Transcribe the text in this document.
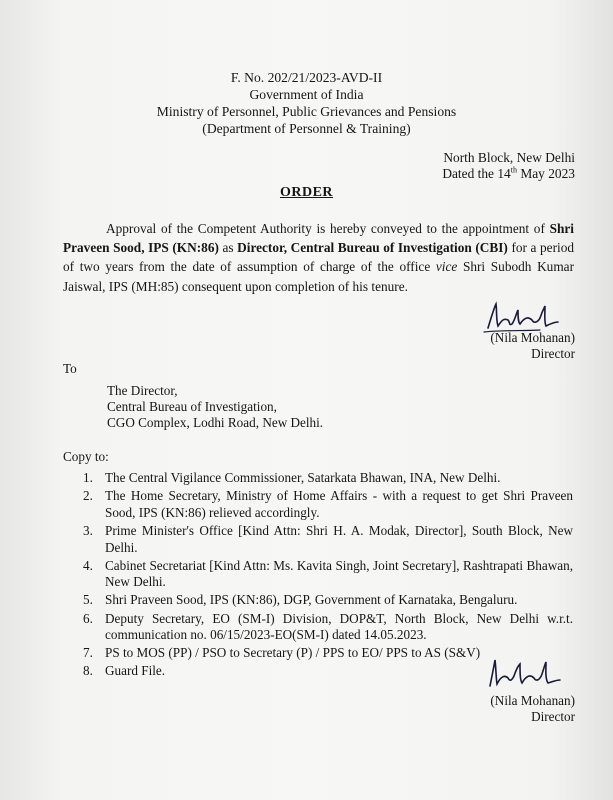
F. No. 202/21/2023-AVD-II
Government of India
Ministry of Personnel, Public Grievances and Pensions
(Department of Personnel & Training)
North Block, New Delhi
Dated the 14th May 2023
ORDER
Approval of the Competent Authority is hereby conveyed to the appointment of Shri Praveen Sood, IPS (KN:86) as Director, Central Bureau of Investigation (CBI) for a period of two years from the date of assumption of charge of the office vice Shri Subodh Kumar Jaiswal, IPS (MH:85) consequent upon completion of his tenure.
(Nila Mohanan)
Director
To
The Director,
Central Bureau of Investigation,
CGO Complex, Lodhi Road, New Delhi.
Copy to:
1. The Central Vigilance Commissioner, Satarkata Bhawan, INA, New Delhi.
2. The Home Secretary, Ministry of Home Affairs - with a request to get Shri Praveen Sood, IPS (KN:86) relieved accordingly.
3. Prime Minister's Office [Kind Attn: Shri H. A. Modak, Director], South Block, New Delhi.
4. Cabinet Secretariat [Kind Attn: Ms. Kavita Singh, Joint Secretary], Rashtrapati Bhawan, New Delhi.
5. Shri Praveen Sood, IPS (KN:86), DGP, Government of Karnataka, Bengaluru.
6. Deputy Secretary, EO (SM-I) Division, DOP&T, North Block, New Delhi w.r.t. communication no. 06/15/2023-EO(SM-I) dated 14.05.2023.
7. PS to MOS (PP) / PSO to Secretary (P) / PPS to EO/ PPS to AS (S&V)
8. Guard File.
(Nila Mohanan)
Director
